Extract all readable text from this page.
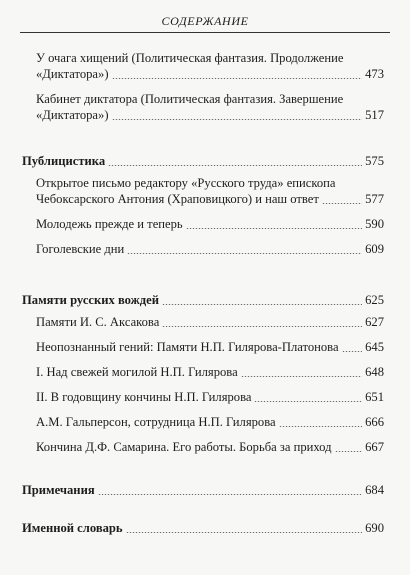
СОДЕРЖАНИЕ
У очага хищений (Политическая фантазия. Продолжение
«Диктатора»)	473
Кабинет диктатора (Политическая фантазия. Завершение
«Диктатора»)	517
Публицистика	575
Открытое письмо редактору «Русского труда» епископа
Чебоксарского Антония (Храповицкого) и наш ответ	577
Молодежь прежде и теперь	590
Гоголевские дни	609
Памяти русских вождей	625
Памяти И. С. Аксакова	627
Неопознанный гений: Памяти Н.П. Гилярова-Платонова 645
I. Над свежей могилой Н.П. Гилярова	648
II. В годовщину кончины Н.П. Гилярова	651
А.М. Гальперсон, сотрудница Н.П. Гилярова	666
Кончина Д.Ф. Самарина. Его работы. Борьба за приход	667
Примечания	684
Именной словарь	690
